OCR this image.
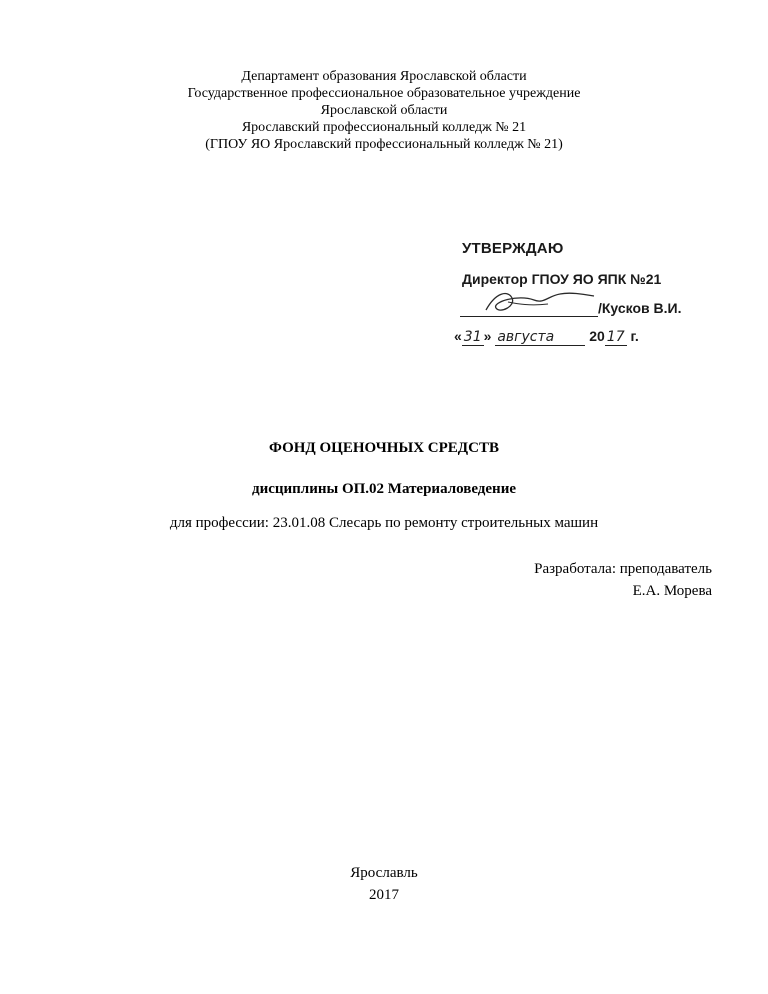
Департамент образования Ярославской области
Государственное профессиональное образовательное учреждение
Ярославской области
Ярославский профессиональный колледж № 21
(ГПОУ ЯО Ярославский профессиональный колледж № 21)
УТВЕРЖДАЮ
Директор ГПОУ ЯО ЯПК №21
/Кусков В.И.
« 31 » августа 20 17 г.
ФОНД ОЦЕНОЧНЫХ СРЕДСТВ
дисциплины ОП.02 Материаловедение
для профессии: 23.01.08 Слесарь по ремонту строительных машин
Разработала: преподаватель
Е.А. Морева
Ярославль
2017
